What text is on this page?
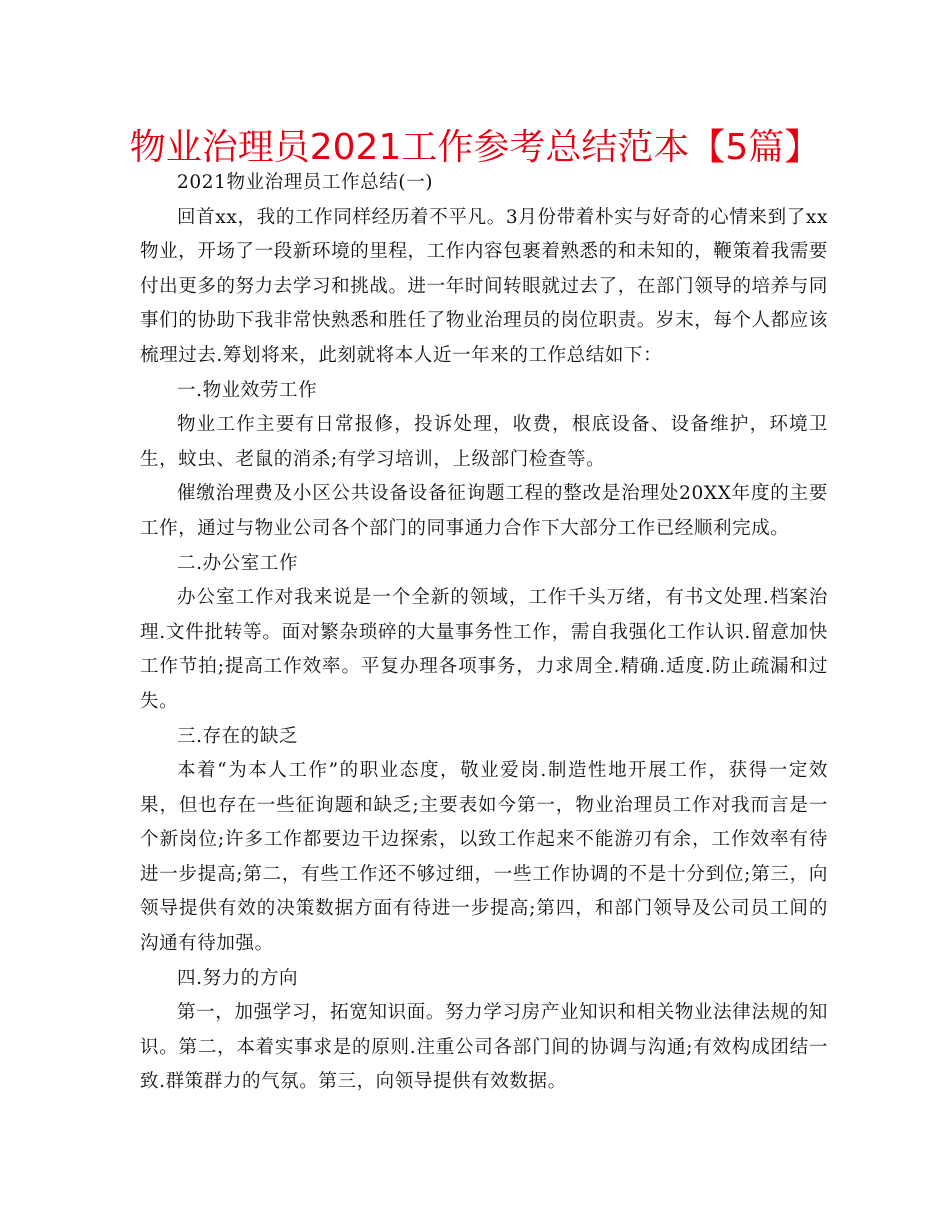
物业治理员2021工作参考总结范本【5篇】

2021物业治理员工作总结(一)

回首xx，我的工作同样经历着不平凡。3月份带着朴实与好奇的心情来到了xx物业，开场了一段新环境的里程，工作内容包裹着熟悉的和未知的，鞭策着我需要付出更多的努力去学习和挑战。进一年时间转眼就过去了，在部门领导的培养与同事们的协助下我非常快熟悉和胜任了物业治理员的岗位职责。岁末，每个人都应该梳理过去.筹划将来，此刻就将本人近一年来的工作总结如下：

一.物业效劳工作

物业工作主要有日常报修，投诉处理，收费，根底设备、设备维护，环境卫生，蚊虫、老鼠的消杀;有学习培训，上级部门检查等。

催缴治理费及小区公共设备设备征询题工程的整改是治理处20XX年度的主要工作，通过与物业公司各个部门的同事通力合作下大部分工作已经顺利完成。

二.办公室工作

办公室工作对我来说是一个全新的领域，工作千头万绪，有书文处理.档案治理.文件批转等。面对繁杂琐碎的大量事务性工作，需自我强化工作认识.留意加快工作节拍;提高工作效率。平复办理各项事务，力求周全.精确.适度.防止疏漏和过失。

三.存在的缺乏

本着“为本人工作”的职业态度，敬业爱岗.制造性地开展工作，获得一定效果，但也存在一些征询题和缺乏;主要表如今第一，物业治理员工作对我而言是一个新岗位;许多工作都要边干边探索，以致工作起来不能游刃有余，工作效率有待进一步提高;第二，有些工作还不够过细，一些工作协调的不是十分到位;第三，向领导提供有效的决策数据方面有待进一步提高;第四，和部门领导及公司员工间的沟通有待加强。

四.努力的方向

第一，加强学习，拓宽知识面。努力学习房产业知识和相关物业法律法规的知识。第二，本着实事求是的原则.注重公司各部门间的协调与沟通;有效构成团结一致.群策群力的气氛。第三，向领导提供有效数据。
